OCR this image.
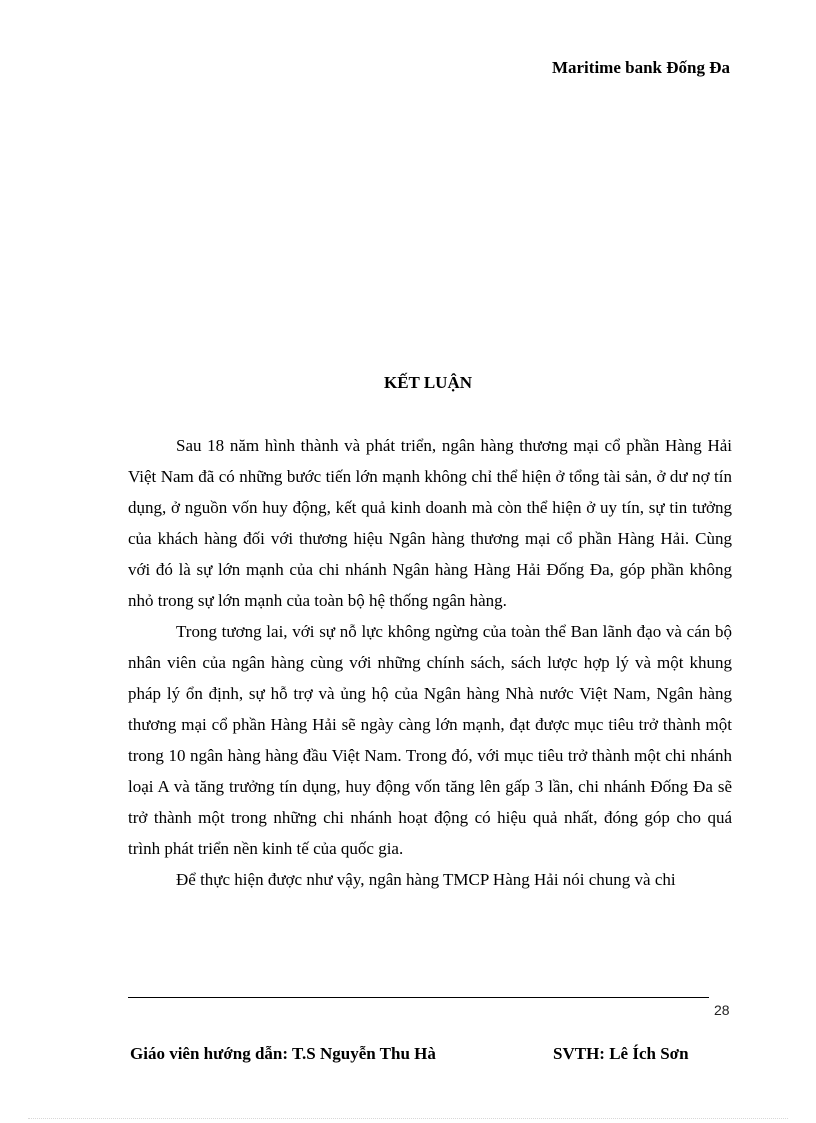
Maritime bank Đống Đa
KẾT LUẬN

Sau 18 năm hình thành và phát triển, ngân hàng thương mại cổ phần Hàng Hải Việt Nam đã có những bước tiến lớn mạnh không chỉ thể hiện ở tổng tài sản, ở dư nợ tín dụng, ở nguồn vốn huy động, kết quả kinh doanh mà còn thể hiện ở uy tín, sự tin tưởng của khách hàng đối với thương hiệu Ngân hàng thương mại cổ phần Hàng Hải. Cùng với đó là sự lớn mạnh của chi nhánh Ngân hàng Hàng Hải Đống Đa, góp phần không nhỏ trong sự lớn mạnh của toàn bộ hệ thống ngân hàng.

Trong tương lai, với sự nỗ lực không ngừng của toàn thể Ban lãnh đạo và cán bộ nhân viên của ngân hàng cùng với những chính sách, sách lược hợp lý và một khung pháp lý ổn định, sự hỗ trợ và ủng hộ của Ngân hàng Nhà nước Việt Nam, Ngân hàng thương mại cổ phần Hàng Hải sẽ ngày càng lớn mạnh, đạt được mục tiêu trở thành một trong 10 ngân hàng hàng đầu Việt Nam. Trong đó, với mục tiêu trở thành một chi nhánh loại A và tăng trưởng tín dụng, huy động vốn tăng lên gấp 3 lần, chi nhánh Đống Đa sẽ trở thành một trong những chi nhánh hoạt động có hiệu quả nhất, đóng góp cho quá trình phát triển nền kinh tế của quốc gia.

Để thực hiện được như vậy, ngân hàng TMCP Hàng Hải nói chung và chi

28
Giáo viên hướng dẫn: T.S Nguyễn Thu Hà	SVTH: Lê Ích Sơn
